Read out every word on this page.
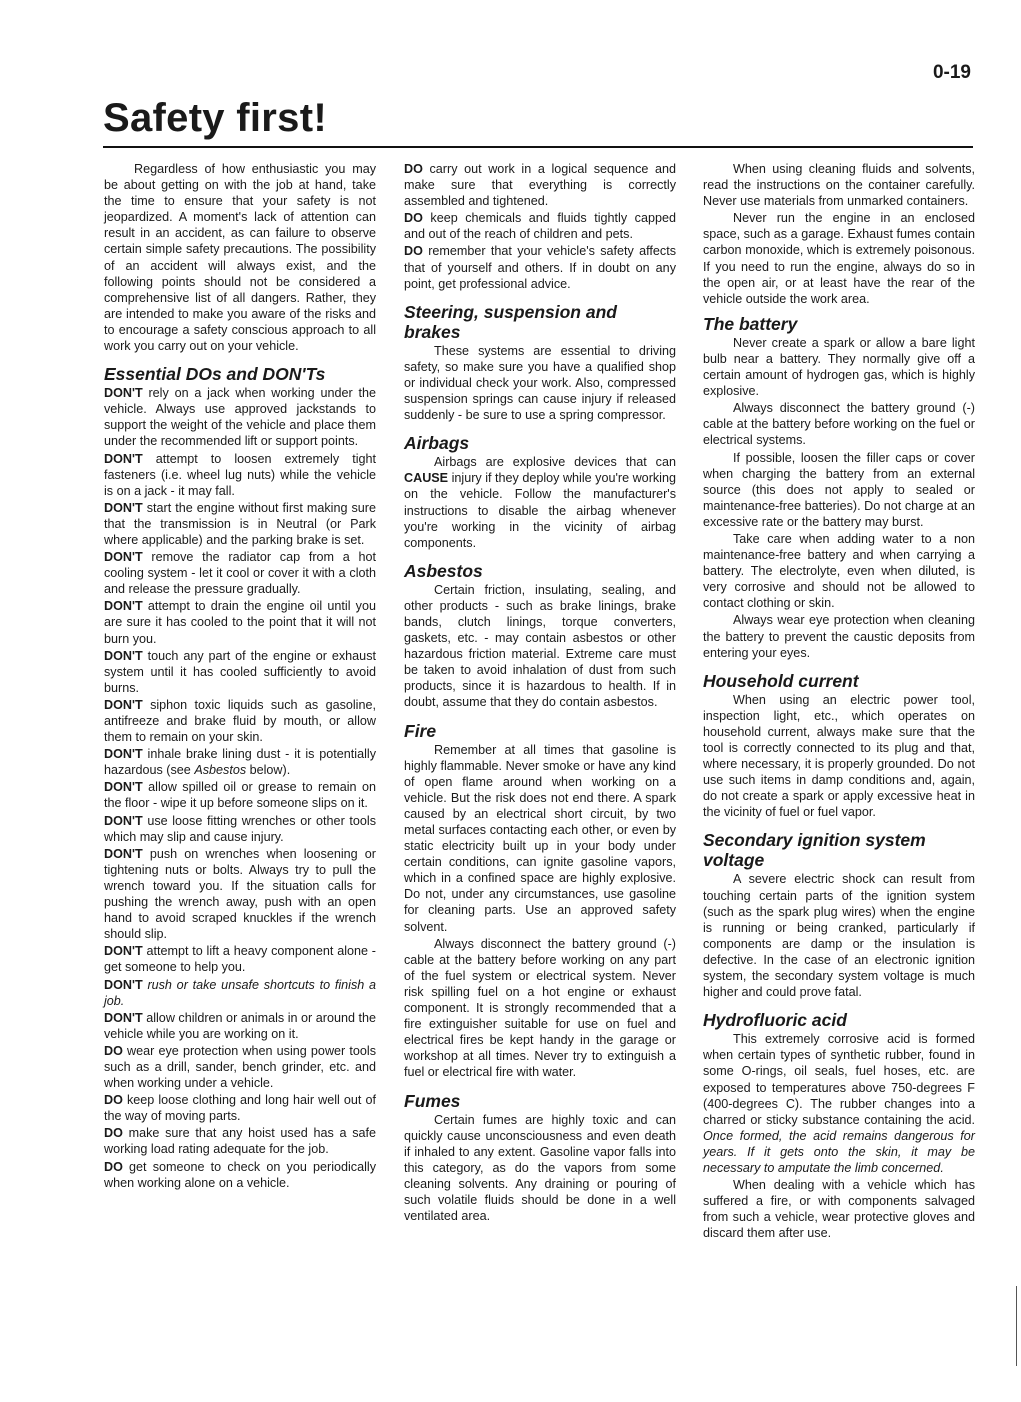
0-19
Safety first!

Regardless of how enthusiastic you may be about getting on with the job at hand, take the time to ensure that your safety is not jeopardized. A moment's lack of attention can result in an accident, as can failure to observe certain simple safety precautions. The possibility of an accident will always exist, and the following points should not be considered a comprehensive list of all dangers. Rather, they are intended to make you aware of the risks and to encourage a safety conscious approach to all work you carry out on your vehicle.

Essential DOs and DON'Ts

DON'T rely on a jack when working under the vehicle. Always use approved jackstands to support the weight of the vehicle and place them under the recommended lift or support points.

DON'T attempt to loosen extremely tight fasteners (i.e. wheel lug nuts) while the vehicle is on a jack - it may fall.

DON'T start the engine without first making sure that the transmission is in Neutral (or Park where applicable) and the parking brake is set.

DON'T remove the radiator cap from a hot cooling system - let it cool or cover it with a cloth and release the pressure gradually.

DON'T attempt to drain the engine oil until you are sure it has cooled to the point that it will not burn you.

DON'T touch any part of the engine or exhaust system until it has cooled sufficiently to avoid burns.

DON'T siphon toxic liquids such as gasoline, antifreeze and brake fluid by mouth, or allow them to remain on your skin.

DON'T inhale brake lining dust - it is potentially hazardous (see Asbestos below).

DON'T allow spilled oil or grease to remain on the floor - wipe it up before someone slips on it.

DON'T use loose fitting wrenches or other tools which may slip and cause injury.

DON'T push on wrenches when loosening or tightening nuts or bolts. Always try to pull the wrench toward you. If the situation calls for pushing the wrench away, push with an open hand to avoid scraped knuckles if the wrench should slip.

DON'T attempt to lift a heavy component alone - get someone to help you.

DON'T rush or take unsafe shortcuts to finish a job.

DON'T allow children or animals in or around the vehicle while you are working on it.

DO wear eye protection when using power tools such as a drill, sander, bench grinder, etc. and when working under a vehicle.

DO keep loose clothing and long hair well out of the way of moving parts.

DO make sure that any hoist used has a safe working load rating adequate for the job.

DO get someone to check on you periodically when working alone on a vehicle.

DO carry out work in a logical sequence and make sure that everything is correctly assembled and tightened.

DO keep chemicals and fluids tightly capped and out of the reach of children and pets.

DO remember that your vehicle's safety affects that of yourself and others. If in doubt on any point, get professional advice.

Steering, suspension and brakes

These systems are essential to driving safety, so make sure you have a qualified shop or individual check your work. Also, compressed suspension springs can cause injury if released suddenly - be sure to use a spring compressor.

Airbags

Airbags are explosive devices that can CAUSE injury if they deploy while you're working on the vehicle. Follow the manufacturer's instructions to disable the airbag whenever you're working in the vicinity of airbag components.

Asbestos

Certain friction, insulating, sealing, and other products - such as brake linings, brake bands, clutch linings, torque converters, gaskets, etc. - may contain asbestos or other hazardous friction material. Extreme care must be taken to avoid inhalation of dust from such products, since it is hazardous to health. If in doubt, assume that they do contain asbestos.

Fire

Remember at all times that gasoline is highly flammable. Never smoke or have any kind of open flame around when working on a vehicle. But the risk does not end there. A spark caused by an electrical short circuit, by two metal surfaces contacting each other, or even by static electricity built up in your body under certain conditions, can ignite gasoline vapors, which in a confined space are highly explosive. Do not, under any circumstances, use gasoline for cleaning parts. Use an approved safety solvent.

Always disconnect the battery ground (-) cable at the battery before working on any part of the fuel system or electrical system. Never risk spilling fuel on a hot engine or exhaust component. It is strongly recommended that a fire extinguisher suitable for use on fuel and electrical fires be kept handy in the garage or workshop at all times. Never try to extinguish a fuel or electrical fire with water.

Fumes

Certain fumes are highly toxic and can quickly cause unconsciousness and even death if inhaled to any extent. Gasoline vapor falls into this category, as do the vapors from some cleaning solvents. Any draining or pouring of such volatile fluids should be done in a well ventilated area.

When using cleaning fluids and solvents, read the instructions on the container carefully. Never use materials from unmarked containers.

Never run the engine in an enclosed space, such as a garage. Exhaust fumes contain carbon monoxide, which is extremely poisonous. If you need to run the engine, always do so in the open air, or at least have the rear of the vehicle outside the work area.

The battery

Never create a spark or allow a bare light bulb near a battery. They normally give off a certain amount of hydrogen gas, which is highly explosive.

Always disconnect the battery ground (-) cable at the battery before working on the fuel or electrical systems.

If possible, loosen the filler caps or cover when charging the battery from an external source (this does not apply to sealed or maintenance-free batteries). Do not charge at an excessive rate or the battery may burst.

Take care when adding water to a non maintenance-free battery and when carrying a battery. The electrolyte, even when diluted, is very corrosive and should not be allowed to contact clothing or skin.

Always wear eye protection when cleaning the battery to prevent the caustic deposits from entering your eyes.

Household current

When using an electric power tool, inspection light, etc., which operates on household current, always make sure that the tool is correctly connected to its plug and that, where necessary, it is properly grounded. Do not use such items in damp conditions and, again, do not create a spark or apply excessive heat in the vicinity of fuel or fuel vapor.

Secondary ignition system voltage

A severe electric shock can result from touching certain parts of the ignition system (such as the spark plug wires) when the engine is running or being cranked, particularly if components are damp or the insulation is defective. In the case of an electronic ignition system, the secondary system voltage is much higher and could prove fatal.

Hydrofluoric acid

This extremely corrosive acid is formed when certain types of synthetic rubber, found in some O-rings, oil seals, fuel hoses, etc. are exposed to temperatures above 750-degrees F (400-degrees C). The rubber changes into a charred or sticky substance containing the acid. Once formed, the acid remains dangerous for years. If it gets onto the skin, it may be necessary to amputate the limb concerned.

When dealing with a vehicle which has suffered a fire, or with components salvaged from such a vehicle, wear protective gloves and discard them after use.
